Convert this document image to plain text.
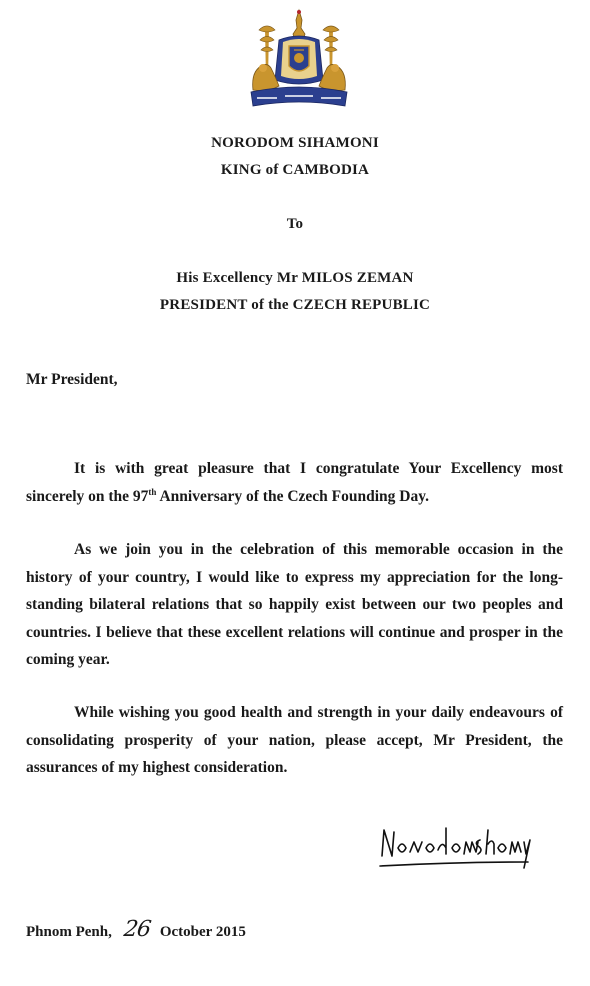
NORODOM SIHAMONI
KING of CAMBODIA
To
His Excellency Mr MILOS ZEMAN
PRESIDENT of the CZECH REPUBLIC
Mr President,

It is with great pleasure that I congratulate Your Excellency most sincerely on the 97th Anniversary of the Czech Founding Day.

As we join you in the celebration of this memorable occasion in the history of your country, I would like to express my appreciation for the long-standing bilateral relations that so happily exist between our two peoples and countries. I believe that these excellent relations will continue and prosper in the coming year.

While wishing you good health and strength in your daily endeavours of consolidating prosperity of your nation, please accept, Mr President, the assurances of my highest consideration.

Phnom Penh, 26 October 2015
